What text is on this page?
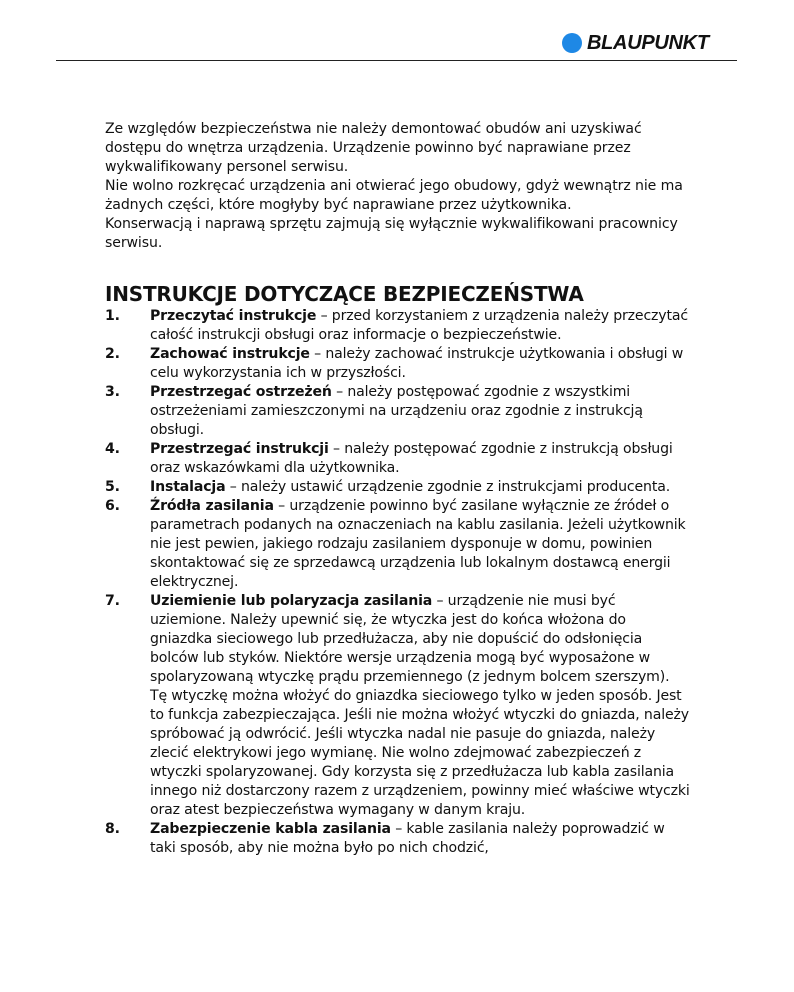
BLAUPUNKT

Ze względów bezpieczeństwa nie należy demontować obudów ani uzyskiwać dostępu do wnętrza urządzenia. Urządzenie powinno być naprawiane przez wykwalifikowany personel serwisu.

Nie wolno rozkręcać urządzenia ani otwierać jego obudowy, gdyż wewnątrz nie ma żadnych części, które mogłyby być naprawiane przez użytkownika.

Konserwacją i naprawą sprzętu zajmują się wyłącznie wykwalifikowani pracownicy serwisu.

INSTRUKCJE DOTYCZĄCE BEZPIECZEŃSTWA
1.	Przeczytać instrukcje – przed korzystaniem z urządzenia należy przeczytać całość instrukcji obsługi oraz informacje o bezpieczeństwie.
2.	Zachować instrukcje – należy zachować instrukcje użytkowania i obsługi w celu wykorzystania ich w przyszłości.
3.	Przestrzegać ostrzeżeń – należy postępować zgodnie z wszystkimi ostrzeżeniami zamieszczonymi na urządzeniu oraz zgodnie z instrukcją obsługi.
4.	Przestrzegać instrukcji – należy postępować zgodnie z instrukcją obsługi oraz wskazówkami dla użytkownika.
5.	Instalacja – należy ustawić urządzenie zgodnie z instrukcjami producenta.
6.	Źródła zasilania – urządzenie powinno być zasilane wyłącznie ze źródeł o parametrach podanych na oznaczeniach na kablu zasilania. Jeżeli użytkownik nie jest pewien, jakiego rodzaju zasilaniem dysponuje w domu, powinien skontaktować się ze sprzedawcą urządzenia lub lokalnym dostawcą energii elektrycznej.
7.	Uziemienie lub polaryzacja zasilania – urządzenie nie musi być uziemione. Należy upewnić się, że wtyczka jest do końca włożona do gniazdka sieciowego lub przedłużacza, aby nie dopuścić do odsłonięcia bolców lub styków. Niektóre wersje urządzenia mogą być wyposażone w spolaryzowaną wtyczkę prądu przemiennego (z jednym bolcem szerszym). Tę wtyczkę można włożyć do gniazdka sieciowego tylko w jeden sposób. Jest to funkcja zabezpieczająca. Jeśli nie można włożyć wtyczki do gniazda, należy spróbować ją odwrócić. Jeśli wtyczka nadal nie pasuje do gniazda, należy zlecić elektrykowi jego wymianę. Nie wolno zdejmować zabezpieczeń z wtyczki spolaryzowanej. Gdy korzysta się z przedłużacza lub kabla zasilania innego niż dostarczony razem z urządzeniem, powinny mieć właściwe wtyczki oraz atest bezpieczeństwa wymagany w danym kraju.
8.	Zabezpieczenie kabla zasilania – kable zasilania należy poprowadzić w taki sposób, aby nie można było po nich chodzić,
